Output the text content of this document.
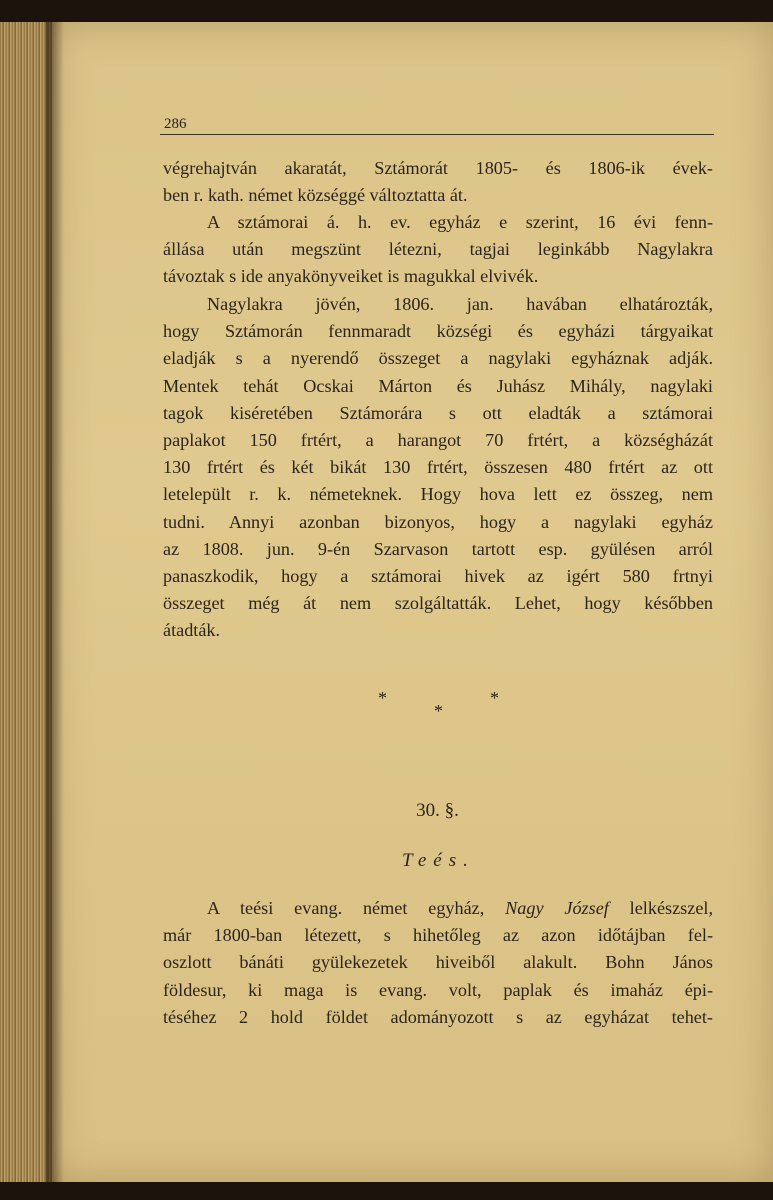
286
végrehajtván akaratát, Sztámorát 1805- és 1806-ik évek-
ben r. kath. német községgé változtatta át.
A sztámorai á. h. ev. egyház e szerint, 16 évi fenn-
állása után megszünt létezni, tagjai leginkább Nagylakra
távoztak s ide anyakönyveiket is magukkal elvivék.
Nagylakra jövén, 1806. jan. havában elhatározták,
hogy Sztámorán fennmaradt községi és egyházi tárgyaikat
eladják s a nyerendő összeget a nagylaki egyháznak adják.
Mentek tehát Ocskai Márton és Juhász Mihály, nagylaki
tagok kiséretében Sztámorára s ott eladták a sztámorai
paplakot 150 frtért, a harangot 70 frtért, a községházát
130 frtért és két bikát 130 frtért, összesen 480 frtért az ott
letelepült r. k. németeknek. Hogy hova lett ez összeg, nem
tudni. Annyi azonban bizonyos, hogy a nagylaki egyház
az 1808. jun. 9-én Szarvason tartott esp. gyülésen arról
panaszkodik, hogy a sztámorai hivek az igért 580 frtnyi
összeget még át nem szolgáltatták. Lehet, hogy későbben
átadták.
*	*
*
30. §.
Teés.
A teési evang. német egyház, Nagy József lelkészszel,
már 1800-ban létezett, s hihetőleg az azon időtájban fel-
oszlott bánáti gyülekezetek hiveiből alakult. Bohn János
földesur, ki maga is evang. volt, paplak és imaház épi-
téséhez 2 hold földet adományozott s az egyházat tehet-
